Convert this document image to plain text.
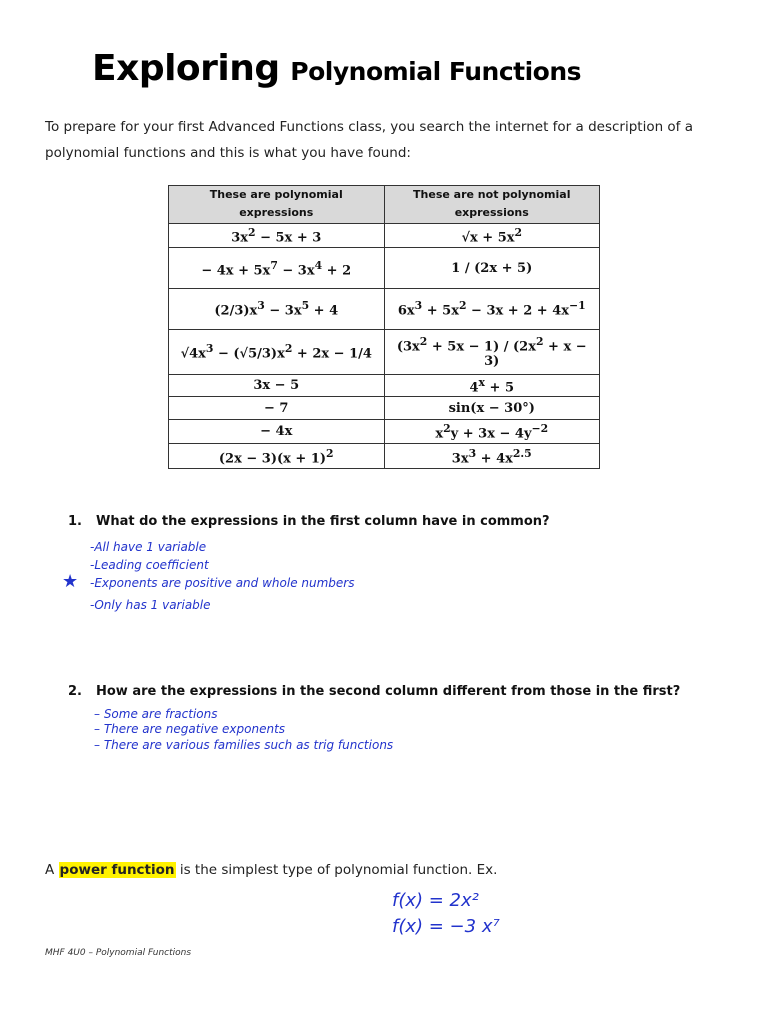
Exploring Polynomial Functions

To prepare for your first Advanced Functions class, you search the internet for a description of a polynomial functions and this is what you have found:

These are polynomial expressions	These are not polynomial expressions
$3x^2 - 5x + 3$	$√x + 5x^2$
− $4x + 5x^7 - 3x^4 + 2$	1 / (2x + 5)
$(2/3)x^3 - 3x^5 + 4$	$6x^3 + 5x^2 - 3x + 2 + 4x^{-1}$
$√4x^3 - (√5/3)x^2 + 2x - 1/4$	$(3x^2 + 5x - 1) / (2x^2 + x - 3)$
3x − 5	$4^x + 5$
− 7	sin(x − 30°)
− 4x	$x^2y + 3x - 4y^{-2}$
$(2x - 3)(x + 1)^2$	$3x^3 + 4x^{2.5}$

1. What do the expressions in the first column have in common?

-All have 1 variable

-Leading coefficient

★ -Exponents are positive and whole numbers

-Only has 1 variable

2. How are the expressions in the second column different from those in the first?

– Some are fractions

– There are negative exponents

– There are various families such as trig functions

A power function is the simplest type of polynomial function. Ex.

f(x) = 2x²

f(x) = −3 x⁷

MHF 4U0 – Polynomial Functions
